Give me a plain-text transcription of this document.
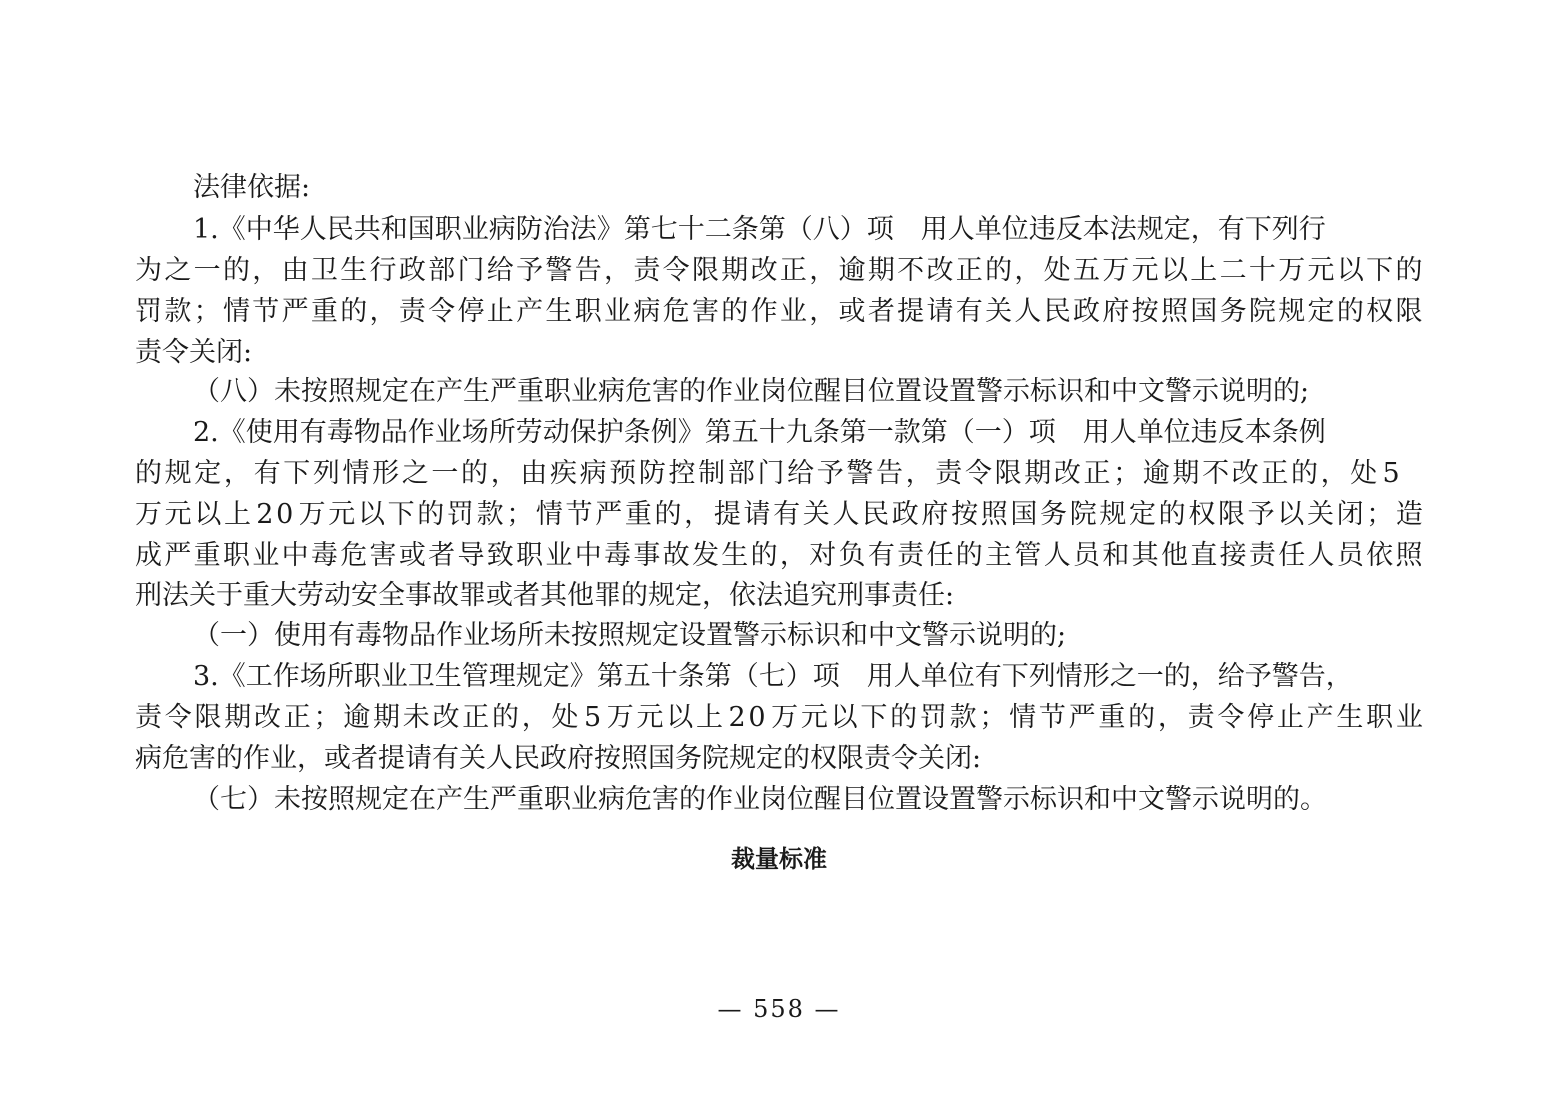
法律依据:
1.《中华人民共和国职业病防治法》第七十二条第（八）项　用人单位违反本法规定，有下列行
为 之 一 的 ， 由 卫 生 行 政 部 门 给 予 警 告 ， 责 令 限 期 改 正 ， 逾 期 不 改 正 的 ， 处 五 万 元 以 上 二 十 万 元 以 下 的
罚 款 ； 情 节 严 重 的 ， 责 令 停 止 产 生 职 业 病 危 害 的 作 业 ， 或 者 提 请 有 关 人 民 政 府 按 照 国 务 院 规 定 的 权 限
责令关闭:
（八）未按照规定在产生严重职业病危害的作业岗位醒目位置设置警示标识和中文警示说明的;
2.《使用有毒物品作业场所劳动保护条例》第五十九条第一款第（一）项　用人单位违反本条例
的 规 定 ， 有 下 列 情 形 之 一 的 ， 由 疾 病 预 防 控 制 部 门 给 予 警 告 ， 责 令 限 期 改 正 ； 逾 期 不 改 正 的 ， 处 5
万 元 以 上 2 0 万 元 以 下 的 罚 款 ； 情 节 严 重 的 ， 提 请 有 关 人 民 政 府 按 照 国 务 院 规 定 的 权 限 予 以 关 闭 ； 造
成 严 重 职 业 中 毒 危 害 或 者 导 致 职 业 中 毒 事 故 发 生 的 ， 对 负 有 责 任 的 主 管 人 员 和 其 他 直 接 责 任 人 员 依 照
刑法关于重大劳动安全事故罪或者其他罪的规定，依法追究刑事责任:
（一）使用有毒物品作业场所未按照规定设置警示标识和中文警示说明的;
3.《工作场所职业卫生管理规定》第五十条第（七）项　用人单位有下列情形之一的，给予警告，
责 令 限 期 改 正 ； 逾 期 未 改 正 的 ， 处 5 万 元 以 上 2 0 万 元 以 下 的 罚 款 ； 情 节 严 重 的 ， 责 令 停 止 产 生 职 业
病危害的作业，或者提请有关人民政府按照国务院规定的权限责令关闭:
（七）未按照规定在产生严重职业病危害的作业岗位醒目位置设置警示标识和中文警示说明的。
裁量标准
— 558 —
